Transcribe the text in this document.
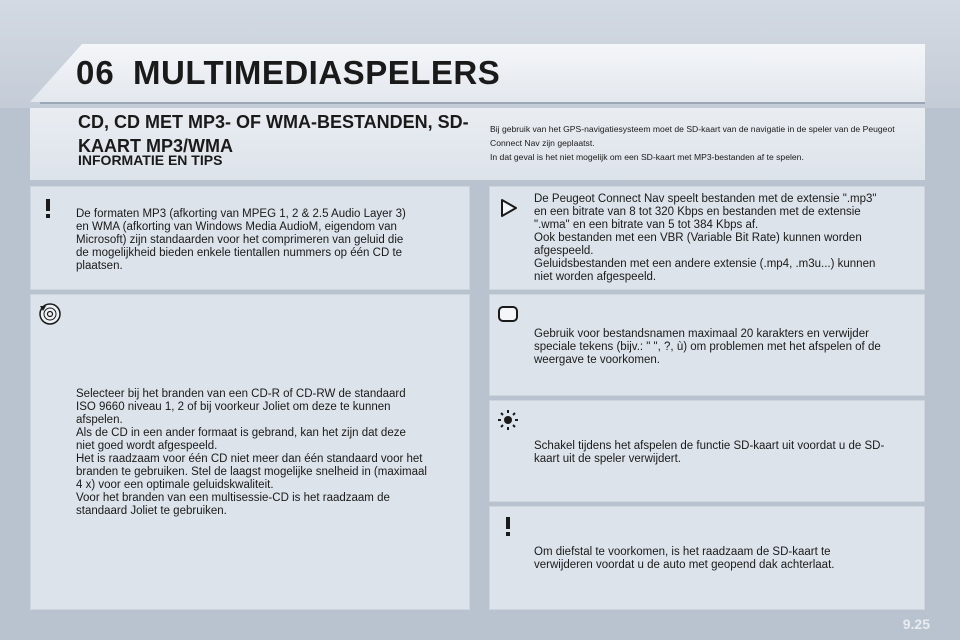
06 MULTIMEDIASPELERS
CD, CD MET MP3- OF WMA-BESTANDEN, SD-KAART MP3/WMA
INFORMATIE EN TIPS
Bij gebruik van het GPS-navigatiesysteem moet de SD-kaart van de navigatie in de speler van de Peugeot Connect Nav zijn geplaatst.
In dat geval is het niet mogelijk om een SD-kaart met MP3-bestanden af te spelen.
De formaten MP3 (afkorting van MPEG 1, 2 & 2.5 Audio Layer 3)
en WMA (afkorting van Windows Media AudioM, eigendom van
Microsoft) zijn standaarden voor het comprimeren van geluid die
de mogelijkheid bieden enkele tientallen nummers op één CD te
plaatsen.
Selecteer bij het branden van een CD-R of CD-RW de standaard
ISO 9660 niveau 1, 2 of bij voorkeur Joliet om deze te kunnen
afspelen.
Als de CD in een ander formaat is gebrand, kan het zijn dat deze
niet goed wordt afgespeeld.
Het is raadzaam voor één CD niet meer dan één standaard voor het
branden te gebruiken. Stel de laagst mogelijke snelheid in (maximaal
4 x) voor een optimale geluidskwaliteit.
Voor het branden van een multisessie-CD is het raadzaam de
standaard Joliet te gebruiken.
De Peugeot Connect Nav speelt bestanden met de extensie ".mp3"
en een bitrate van 8 tot 320 Kbps en bestanden met de extensie
".wma" en een bitrate van 5 tot 384 Kbps af.
Ook bestanden met een VBR (Variable Bit Rate) kunnen worden
afgespeeld.
Geluidsbestanden met een andere extensie (.mp4, .m3u...) kunnen
niet worden afgespeeld.
Gebruik voor bestandsnamen maximaal 20 karakters en verwijder
speciale tekens (bijv.: " ", ?, ù) om problemen met het afspelen of de
weergave te voorkomen.
Schakel tijdens het afspelen de functie SD-kaart uit voordat u de SD-
kaart uit de speler verwijdert.
Om diefstal te voorkomen, is het raadzaam de SD-kaart te
verwijderen voordat u de auto met geopend dak achterlaat.
9.25
